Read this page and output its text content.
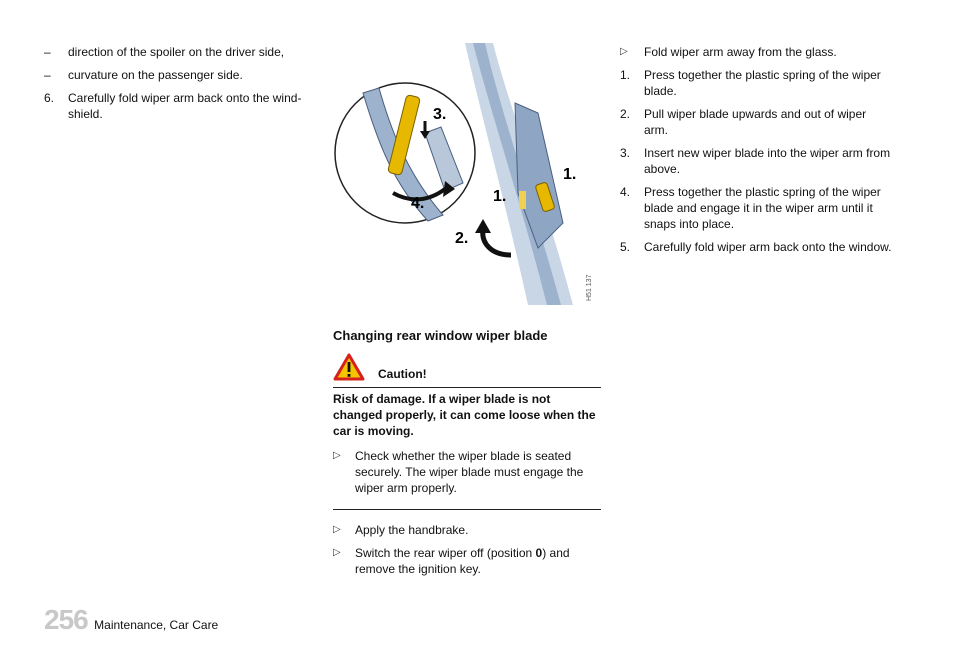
–	direction of the spoiler on the driver side,
–	curvature on the passenger side.
6.	Carefully fold wiper arm back onto the wind-shield.	3.
4.	1.
1.
2.
H51 137
Changing rear window wiper blade
Caution!
Risk of damage. If a wiper blade is not changed properly, it can come loose when the car is moving.
▷	Check whether the wiper blade is seated securely. The wiper blade must engage the wiper arm properly.
▷	Apply the handbrake.
▷	Switch the rear wiper off (position 0) and remove the ignition key.
▷	Fold wiper arm away from the glass.
1.	Press together the plastic spring of the wiper blade.
2.	Pull wiper blade upwards and out of wiper arm.
3.	Insert new wiper blade into the wiper arm from above.
4.	Press together the plastic spring of the wiper blade and engage it in the wiper arm until it snaps into place.
5.	Carefully fold wiper arm back onto the window.
256 Maintenance, Car Care
